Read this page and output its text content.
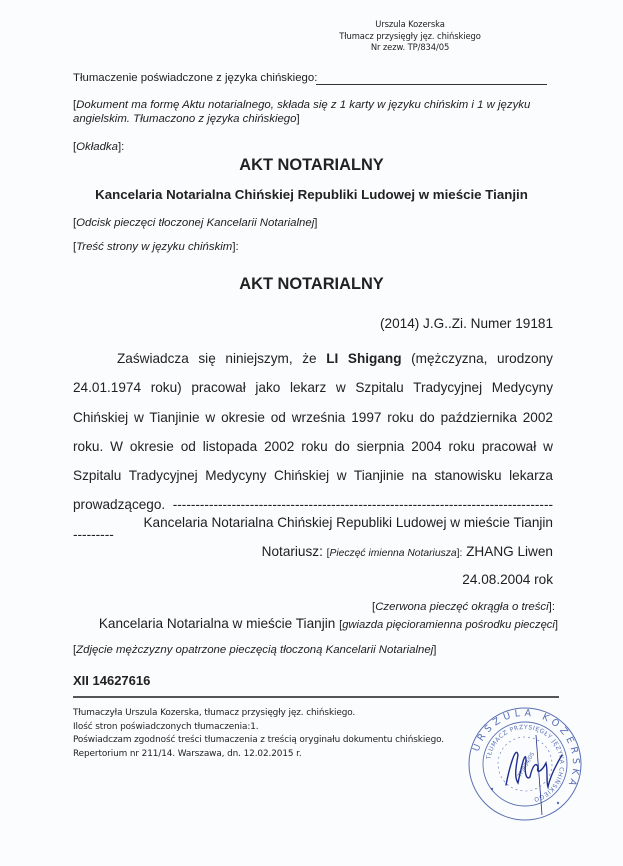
Urszula Kozerska
Tłumacz przysięgły jęz. chińskiego
Nr zezw. TP/834/05
Tłumaczenie poświadczone z języka chińskiego:
[Dokument ma formę Aktu notarialnego, składa się z 1 karty w języku chińskim i 1 w języku angielskim. Tłumaczono z języka chińskiego]
[Okładka]:
AKT NOTARIALNY
Kancelaria Notarialna Chińskiej Republiki Ludowej w mieście Tianjin
[Odcisk pieczęci tłoczonej Kancelarii Notarialnej]
[Treść strony w języku chińskim]:
AKT NOTARIALNY
(2014) J.G..Zi. Numer 19181
Zaświadcza się niniejszym, że LI Shigang (mężczyzna, urodzony 24.01.1974 roku) pracował jako lekarz w Szpitalu Tradycyjnej Medycyny Chińskiej w Tianjinie w okresie od września 1997 roku do października 2002 roku. W okresie od listopada 2002 roku do sierpnia 2004 roku pracował w Szpitalu Tradycyjnej Medycyny Chińskiej w Tianjinie na stanowisku lekarza prowadzącego. ---------------------------------------------------------------------------------------------
Kancelaria Notarialna Chińskiej Republiki Ludowej w mieście Tianjin
Notariusz: [Pieczęć imienna Notariusza]: ZHANG Liwen
24.08.2004 rok
[Czerwona pieczęć okrągła o treści]:
Kancelaria Notarialna w mieście Tianjin [gwiazda pięcioramienna pośrodku pieczęci]
[Zdjęcie mężczyzny opatrzone pieczęcią tłoczoną Kancelarii Notarialnej]
XII 14627616
Tłumaczyła Urszula Kozerska, tłumacz przysięgły jęz. chińskiego.
Ilość stron poświadczonych tłumaczenia:1.
Poświadczam zgodność treści tłumaczenia z treścią oryginału dokumentu chińskiego.
Repertorium nr 211/14. Warszawa, dn. 12.02.2015 r.
URSZULA KOZERSKA
TŁUMACZ PRZYSIĘGŁY JĘZYKA CHIŃSKIEGO
TP/834/05
